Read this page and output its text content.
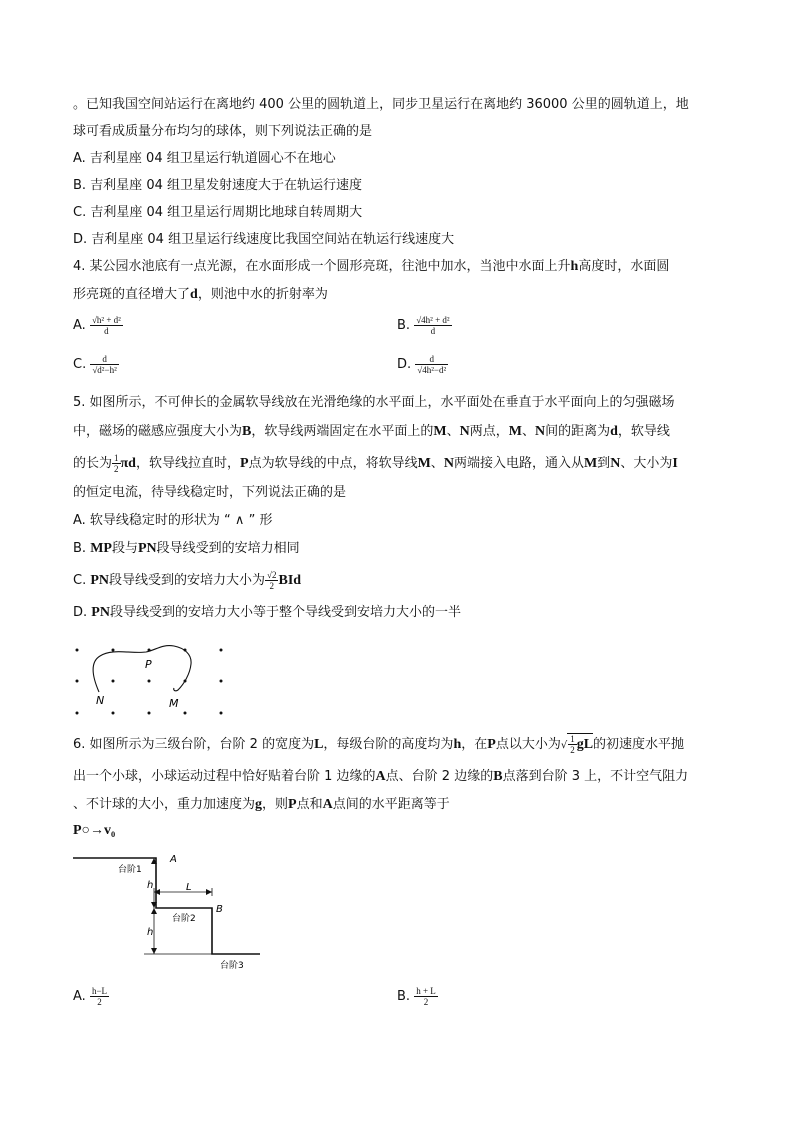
。已知我国空间站运行在离地约 400 公里的圆轨道上，同步卫星运行在离地约 36000 公里的圆轨道上，地
球可看成质量分布均匀的球体，则下列说法正确的是
A. 吉利星座 04 组卫星运行轨道圆心不在地心
B. 吉利星座 04 组卫星发射速度大于在轨运行速度
C. 吉利星座 04 组卫星运行周期比地球自转周期大
D. 吉利星座 04 组卫星运行线速度比我国空间站在轨运行线速度大
4. 某公园水池底有一点光源，在水面形成一个圆形亮斑，往池中加水，当池中水面上升h高度时，水面圆
形亮斑的直径增大了d，则池中水的折射率为
A. $\frac{\text{√h² + d²}}{d}$	B. $\frac{\text{√4h² + d²}}{d}$
C. $\frac{d}{\text{√d²−h²}}$	D. $\frac{d}{\text{√4h²−d²}}$
5. 如图所示，不可伸长的金属软导线放在光滑绝缘的水平面上，水平面处在垂直于水平面向上的匀强磁场
中，磁场的磁感应强度大小为B，软导线两端固定在水平面上的M、N两点，M、N间的距离为d，软导线
的长为 $\frac{1}{2}$ πd，软导线拉直时，P点为软导线的中点，将软导线M、N两端接入电路，通入从M到N、大小为I
的恒定电流，待导线稳定时，下列说法正确的是
A. 软导线稳定时的形状为 “ ∧ ” 形
B. MP段与PN段导线受到的安培力相同
C. PN段导线受到的安培力大小为 $\frac{√2}{2}$ BId
D. PN段导线受到的安培力大小等于整个导线受到安培力大小的一半
P
N	M
6. 如图所示为三级台阶，台阶 2 的宽度为L，每级台阶的高度均为h，在P点以大小为√ $\frac{1}{2}$ gL的初速度水平抛
出一个小球，小球运动过程中恰好贴着台阶 1 边缘的A点、台阶 2 边缘的B点落到台阶 3 上，不计空气阻力
、不计球的大小，重力加速度为g，则P点和A点间的水平距离等于
P○→v₀
台阶1
A
h	L
B
台阶2
h
台阶3
A. $\frac{h-L}{2}$	B. $\frac{h + L}{2}$
